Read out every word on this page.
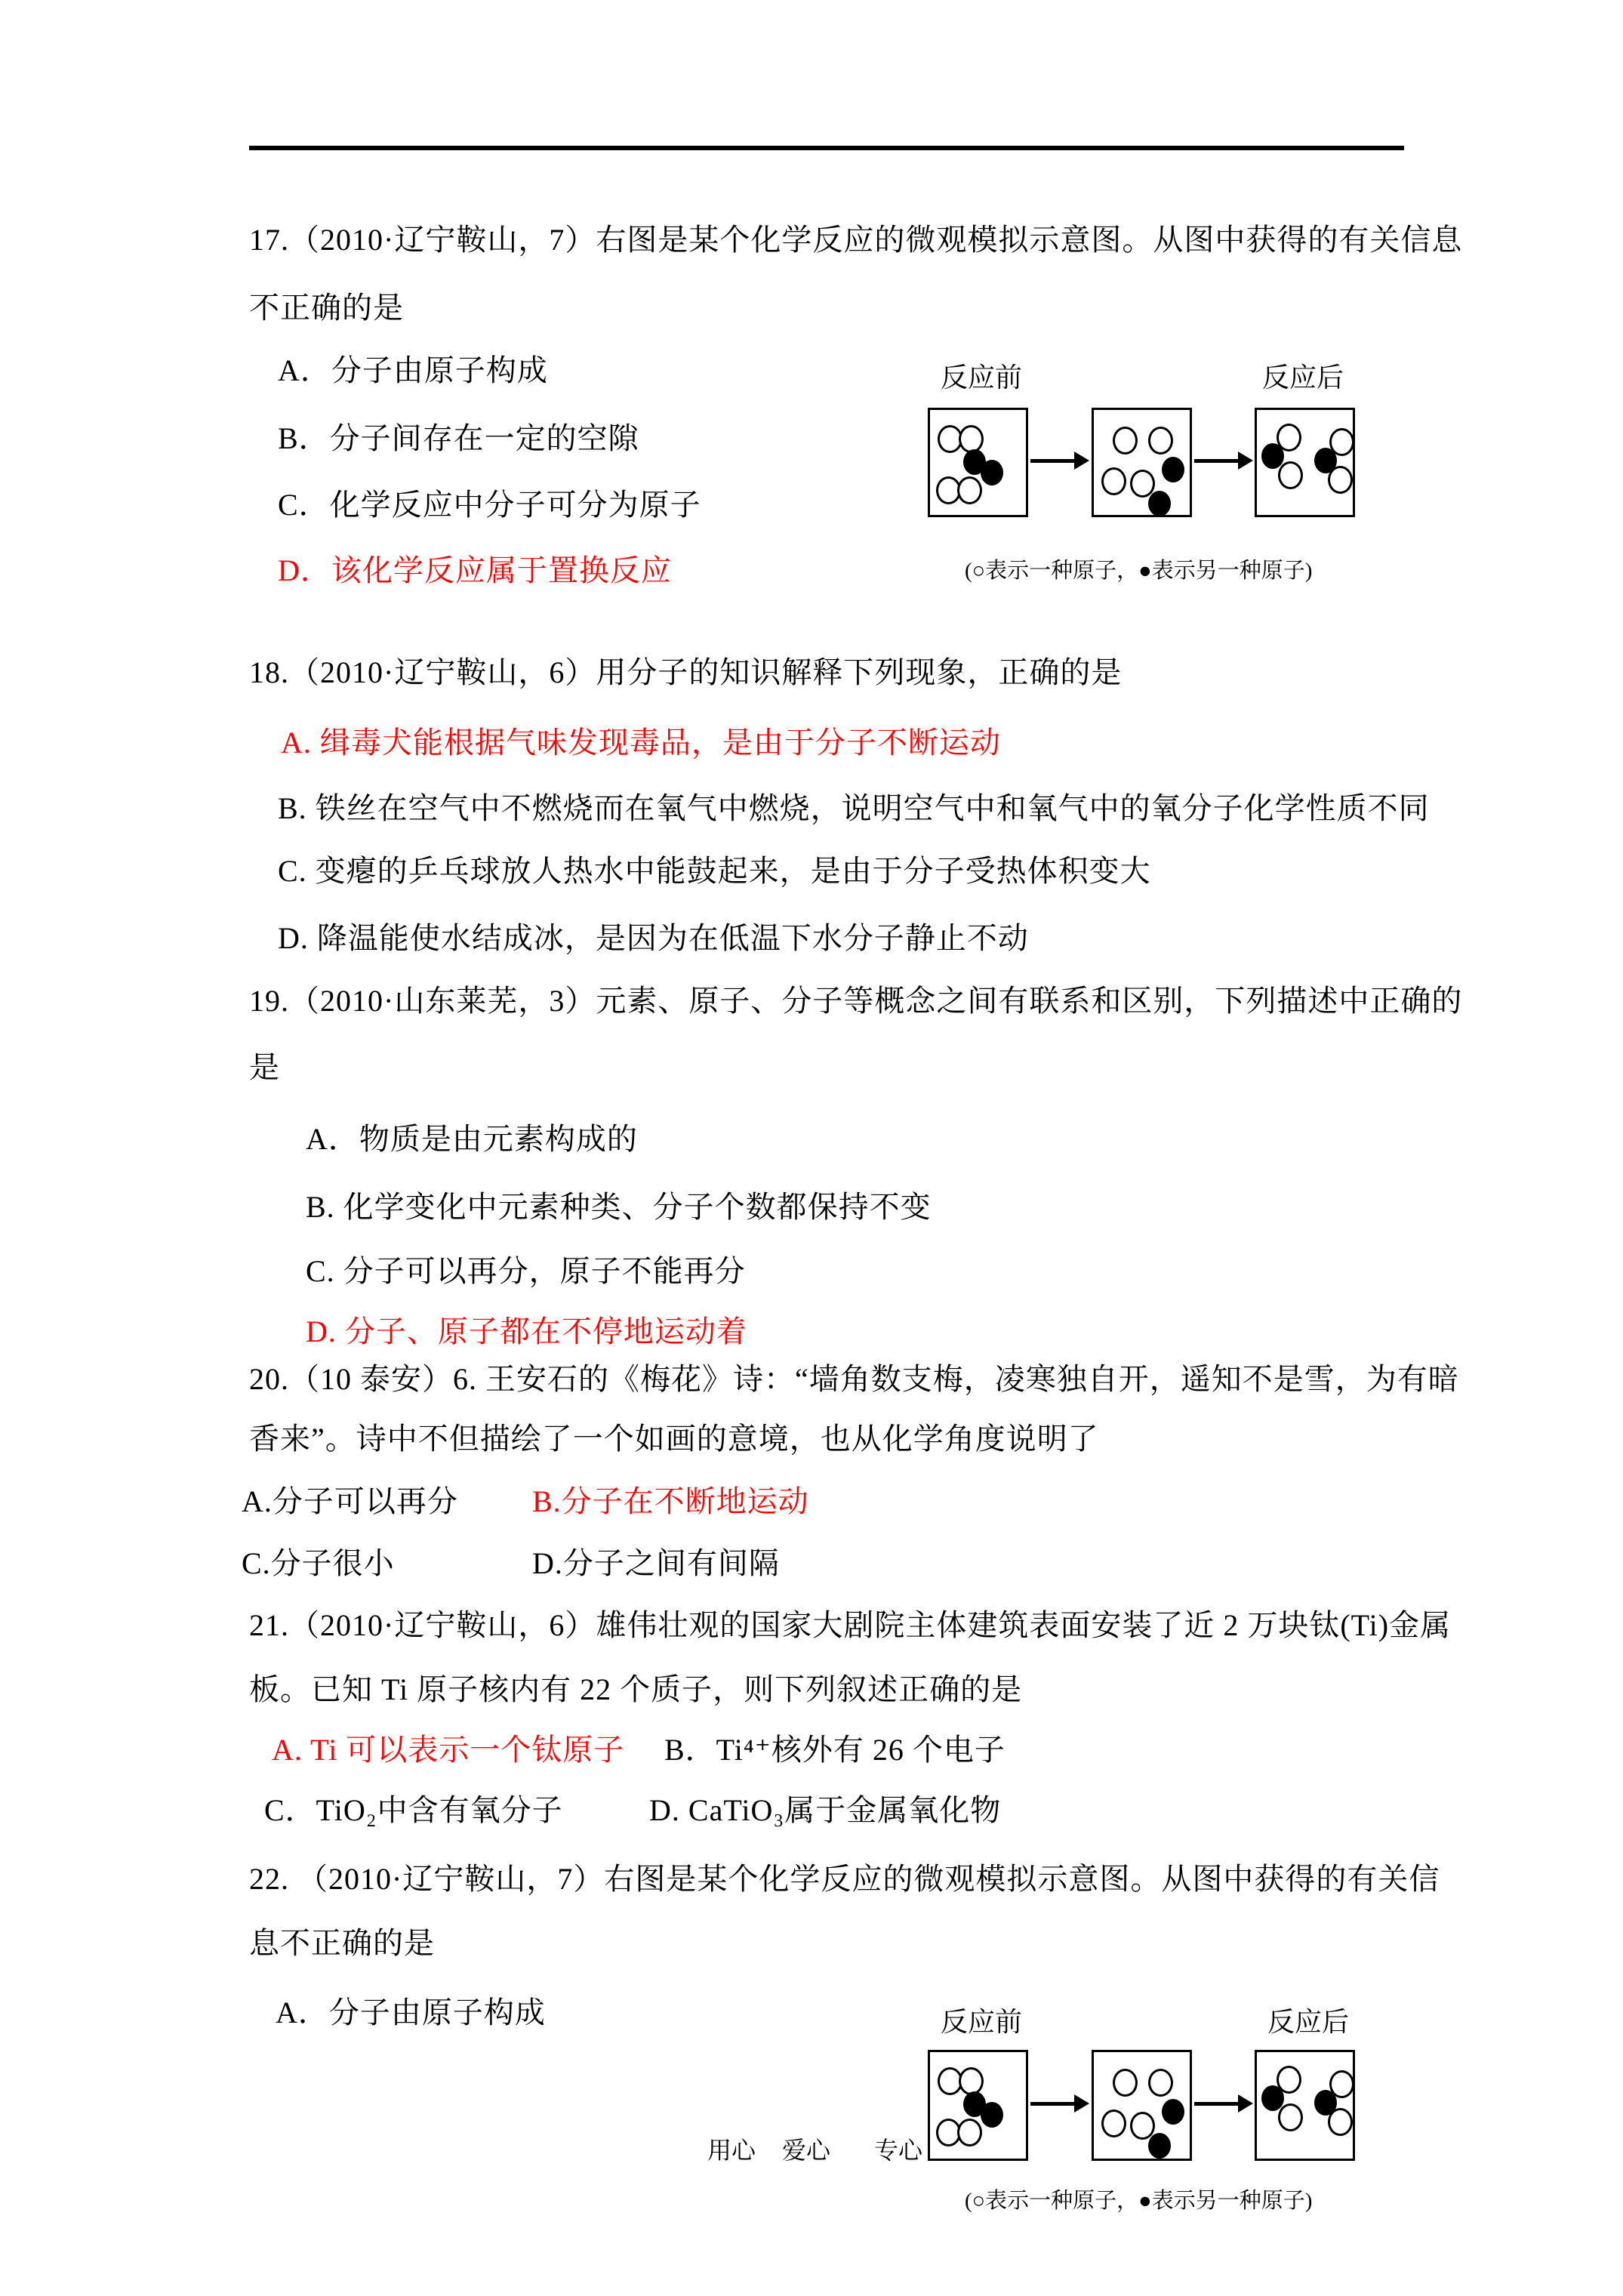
17.（2010·辽宁鞍山，7）右图是某个化学反应的微观模拟示意图。从图中获得的有关信息
不正确的是
A．分子由原子构成
B．分子间存在一定的空隙
C．化学反应中分子可分为原子
D．该化学反应属于置换反应
反应前	反应后
(○表示一种原子，●表示另一种原子)
18.（2010·辽宁鞍山，6）用分子的知识解释下列现象，正确的是
A. 缉毒犬能根据气味发现毒品，是由于分子不断运动
B. 铁丝在空气中不燃烧而在氧气中燃烧，说明空气中和氧气中的氧分子化学性质不同
C. 变瘪的乒乓球放人热水中能鼓起来，是由于分子受热体积变大
D. 降温能使水结成冰，是因为在低温下水分子静止不动
19.（2010·山东莱芜，3）元素、原子、分子等概念之间有联系和区别，下列描述中正确的
是
A．物质是由元素构成的
B. 化学变化中元素种类、分子个数都保持不变
C. 分子可以再分，原子不能再分
D. 分子、原子都在不停地运动着
20.（10 泰安）6. 王安石的《梅花》诗：“墙角数支梅，凌寒独自开，遥知不是雪，为有暗
香来”。诗中不但描绘了一个如画的意境，也从化学角度说明了
A.分子可以再分 B.分子在不断地运动
C.分子很小	D.分子之间有间隔
21.（2010·辽宁鞍山，6）雄伟壮观的国家大剧院主体建筑表面安装了近 2 万块钛(Ti)金属
板。已知 Ti 原子核内有 22 个质子，则下列叙述正确的是
A. Ti 可以表示一个钛原子 B．Ti⁴⁺核外有 26 个电子
C．TiO₂中含有氧分子	D. CaTiO₃属于金属氧化物
22. （2010·辽宁鞍山，7）右图是某个化学反应的微观模拟示意图。从图中获得的有关信
息不正确的是
A．分子由原子构成	反应前	反应后
(○表示一种原子，●表示另一种原子)
用心 爱心 专心
